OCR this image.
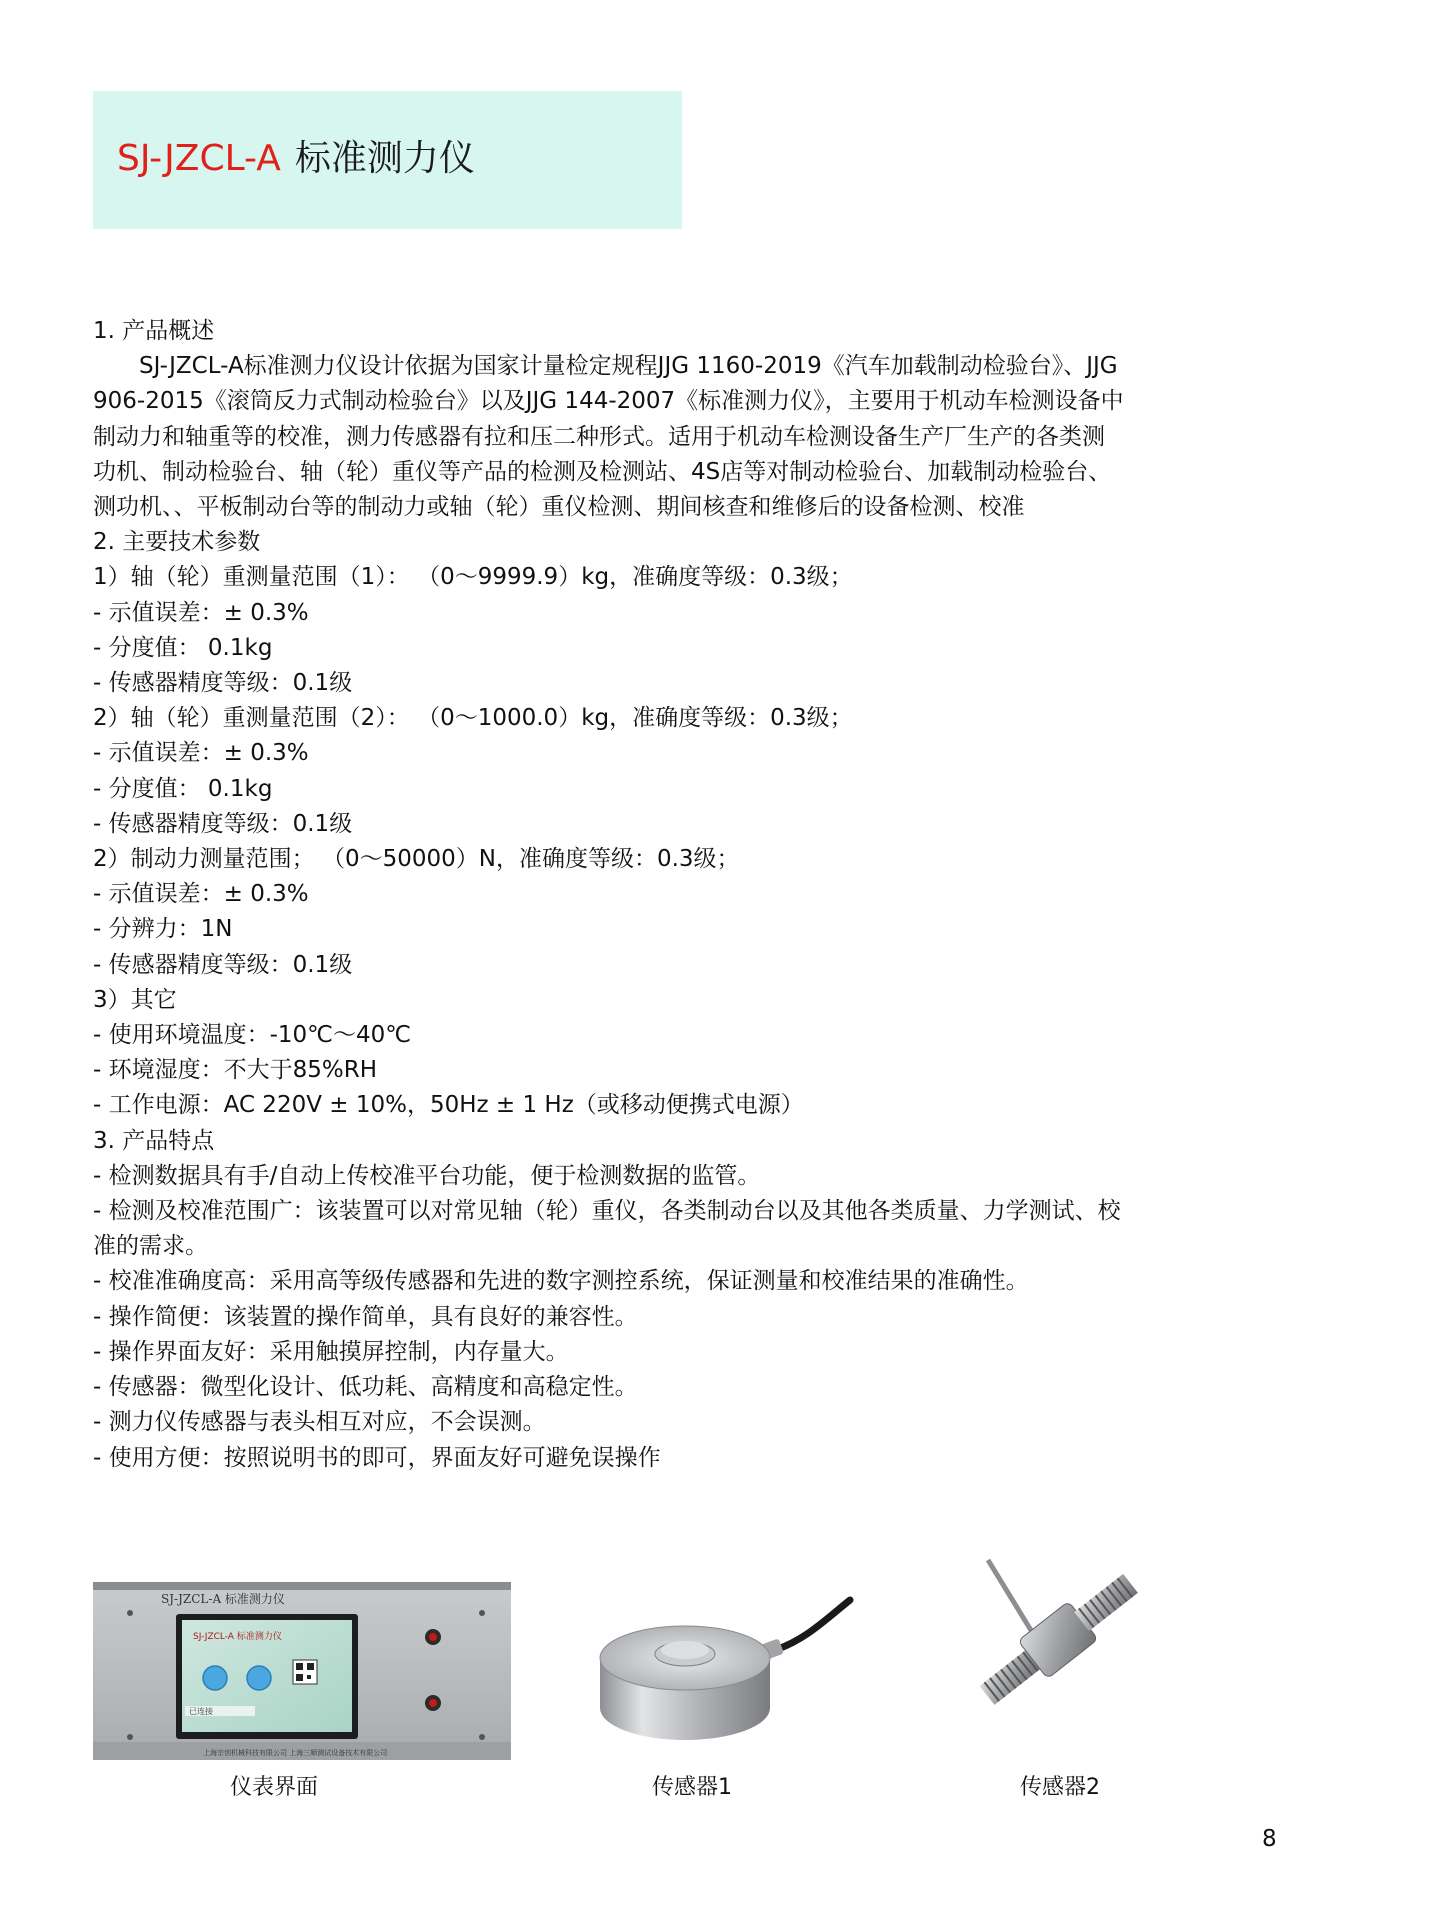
SJ-JZCL-A 标准测力仪

1. 产品概述

SJ-JZCL-A标准测力仪设计依据为国家计量检定规程JJG 1160-2019《汽车加载制动检验台》、JJG

906-2015《滚筒反力式制动检验台》以及JJG 144-2007《标准测力仪》，主要用于机动车检测设备中

制动力和轴重等的校准，测力传感器有拉和压二种形式。适用于机动车检测设备生产厂生产的各类测

功机、制动检验台、轴（轮）重仪等产品的检测及检测站、4S店等对制动检验台、加载制动检验台、

测功机、、平板制动台等的制动力或轴（轮）重仪检测、期间核查和维修后的设备检测、校准

2. 主要技术参数

1）轴（轮）重测量范围（1）： （0～9999.9）kg，准确度等级：0.3级；

- 示值误差：± 0.3%

- 分度值： 0.1kg

- 传感器精度等级：0.1级

2）轴（轮）重测量范围（2）： （0～1000.0）kg，准确度等级：0.3级；

- 示值误差：± 0.3%

- 分度值： 0.1kg

- 传感器精度等级：0.1级

2）制动力测量范围； （0～50000）N，准确度等级：0.3级；

- 示值误差：± 0.3%

- 分辨力：1N

- 传感器精度等级：0.1级

3）其它

- 使用环境温度：-10℃～40℃

- 环境湿度：不大于85%RH

- 工作电源：AC 220V ± 10%，50Hz ± 1 Hz（或移动便携式电源）

3. 产品特点

- 检测数据具有手/自动上传校准平台功能，便于检测数据的监管。

- 检测及校准范围广：该装置可以对常见轴（轮）重仪，各类制动台以及其他各类质量、力学测试、校

准的需求。

- 校准准确度高：采用高等级传感器和先进的数字测控系统，保证测量和校准结果的准确性。

- 操作简便：该装置的操作简单，具有良好的兼容性。

- 操作界面友好：采用触摸屏控制，内存量大。

- 传感器：微型化设计、低功耗、高精度和高稳定性。

- 测力仪传感器与表头相互对应，不会误测。

- 使用方便：按照说明书的即可，界面友好可避免误操作

SJ-JZCL-A 标准测力仪
SJ-JZCL-A 标准测力仪
已连接
上海宗创机械科技有限公司 上海三顺测试设备技术有限公司
仪表界面	传感器1	传感器2
8
